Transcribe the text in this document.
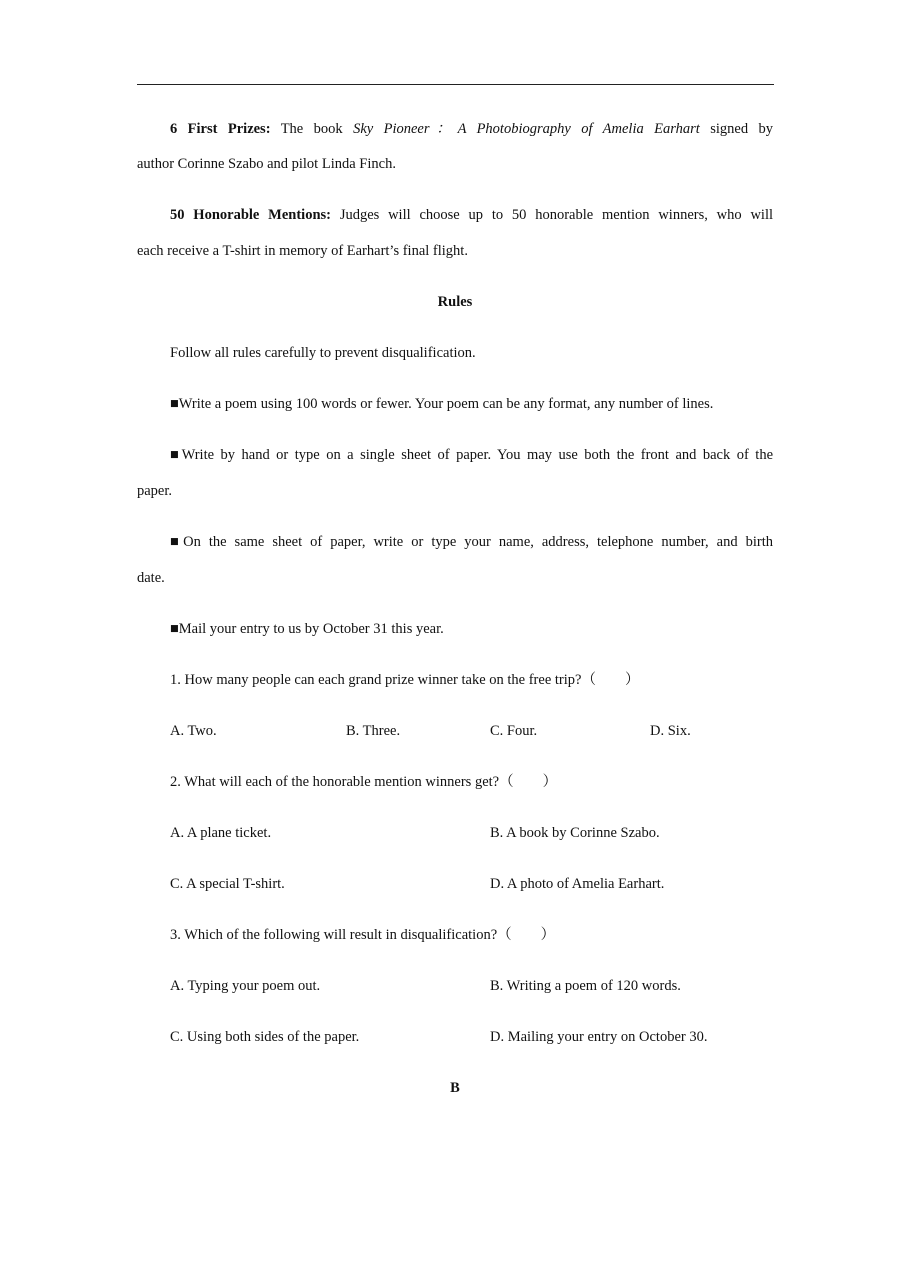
6 First Prizes: The book Sky Pioneer：A Photobiography of Amelia Earhart signed by
author Corinne Szabo and pilot Linda Finch.
50 Honorable Mentions: Judges will choose up to 50 honorable mention winners, who will
each receive a T-shirt in memory of Earhart’s final flight.
Rules
Follow all rules carefully to prevent disqualification.
■Write a poem using 100 words or fewer. Your poem can be any format, any number of lines.
■Write by hand or type on a single sheet of paper. You may use both the front and back of the
paper.
■On the same sheet of paper, write or type your name, address, telephone number, and birth
date.
■Mail your entry to us by October 31 this year.
1. How many people can each grand prize winner take on the free trip?（　　）
A. Two.	B. Three.	C. Four.	D. Six.
2. What will each of the honorable mention winners get?（　　）
A. A plane ticket.	B. A book by Corinne Szabo.
C. A special T-shirt.	D. A photo of Amelia Earhart.
3. Which of the following will result in disqualification?（　　）
A. Typing your poem out.	B. Writing a poem of 120 words.
C. Using both sides of the paper.	D. Mailing your entry on October 30.
B
